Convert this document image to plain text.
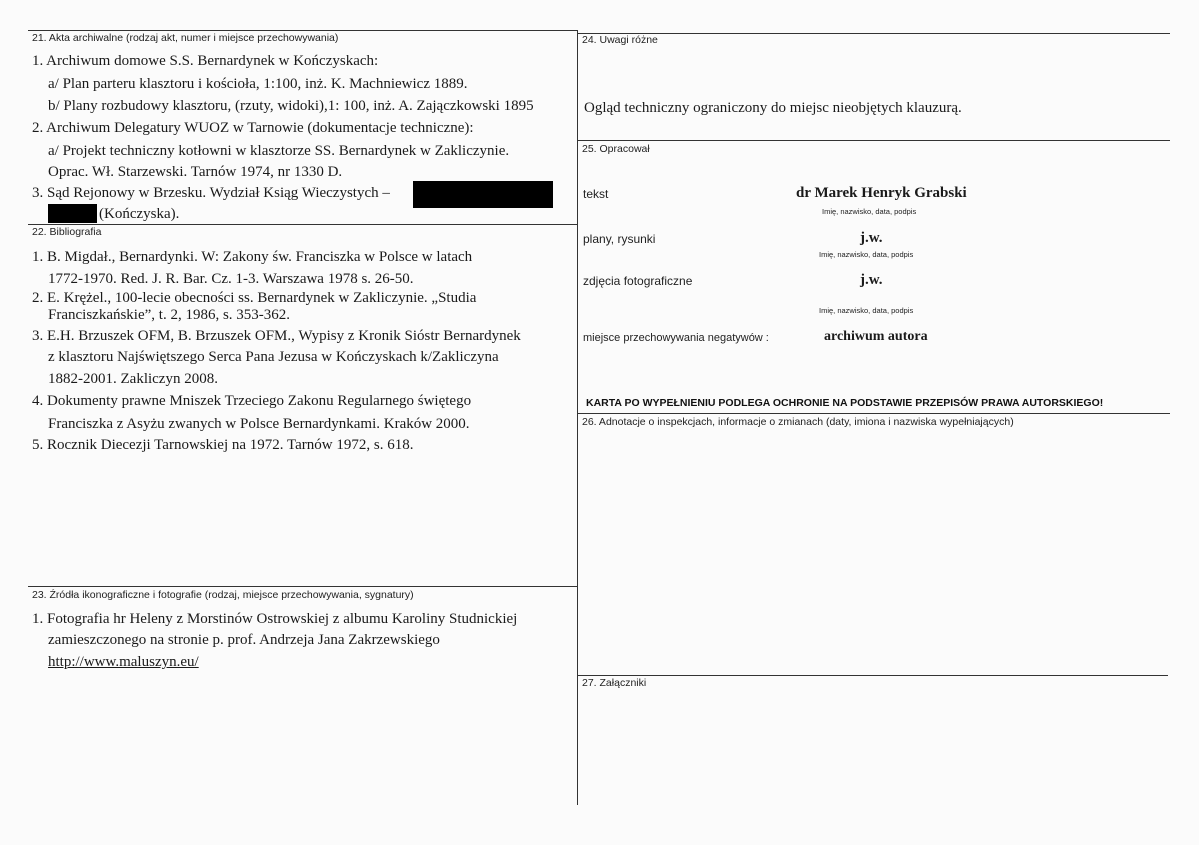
21. Akta archiwalne (rodzaj akt, numer i miejsce przechowywania)
1. Archiwum domowe S.S. Bernardynek w Kończyskach:
a/ Plan parteru klasztoru i kościoła, 1:100, inż. K. Machniewicz 1889.
b/ Plany rozbudowy klasztoru, (rzuty, widoki),1: 100, inż. A. Zajączkowski 1895
2. Archiwum Delegatury WUOZ w Tarnowie (dokumentacje techniczne):
a/ Projekt techniczny kotłowni w klasztorze SS. Bernardynek w Zakliczynie.
Oprac. Wł. Starzewski. Tarnów 1974, nr 1330 D.
3. Sąd Rejonowy w Brzesku. Wydział Ksiąg Wieczystych –
(Kończyska).
22. Bibliografia
1. B. Migdał., Bernardynki. W: Zakony św. Franciszka w Polsce w latach
1772-1970. Red. J. R. Bar. Cz. 1-3. Warszawa 1978 s. 26-50.
2. E. Krężel., 100-lecie obecności ss. Bernardynek w Zakliczynie. „Studia
Franciszkańskie”, t. 2, 1986, s. 353-362.
3. E.H. Brzuszek OFM, B. Brzuszek OFM., Wypisy z Kronik Sióstr Bernardynek
z klasztoru Najświętszego Serca Pana Jezusa w Kończyskach k/Zakliczyna
1882-2001. Zakliczyn 2008.
4. Dokumenty prawne Mniszek Trzeciego Zakonu Regularnego świętego
Franciszka z Asyżu zwanych w Polsce Bernardynkami. Kraków 2000.
5. Rocznik Diecezji Tarnowskiej na 1972. Tarnów 1972, s. 618.
23. Źródła ikonograficzne i fotografie (rodzaj, miejsce przechowywania, sygnatury)
1. Fotografia hr Heleny z Morstinów Ostrowskiej z albumu Karoliny Studnickiej
zamieszczonego na stronie p. prof. Andrzeja Jana Zakrzewskiego
http://www.maluszyn.eu/
24. Uwagi różne
Ogląd techniczny ograniczony do miejsc nieobjętych klauzurą.
25. Opracował
tekst	dr Marek Henryk Grabski
Imię, nazwisko, data, podpis
plany, rysunki	j.w.
Imię, nazwisko, data, podpis
zdjęcia fotograficzne	j.w.
Imię, nazwisko, data, podpis
miejsce przechowywania negatywów :	archiwum autora
KARTA PO WYPEŁNIENIU PODLEGA OCHRONIE NA PODSTAWIE PRZEPISÓW PRAWA AUTORSKIEGO!
26. Adnotacje o inspekcjach, informacje o zmianach (daty, imiona i nazwiska wypełniających)
27. Załączniki
